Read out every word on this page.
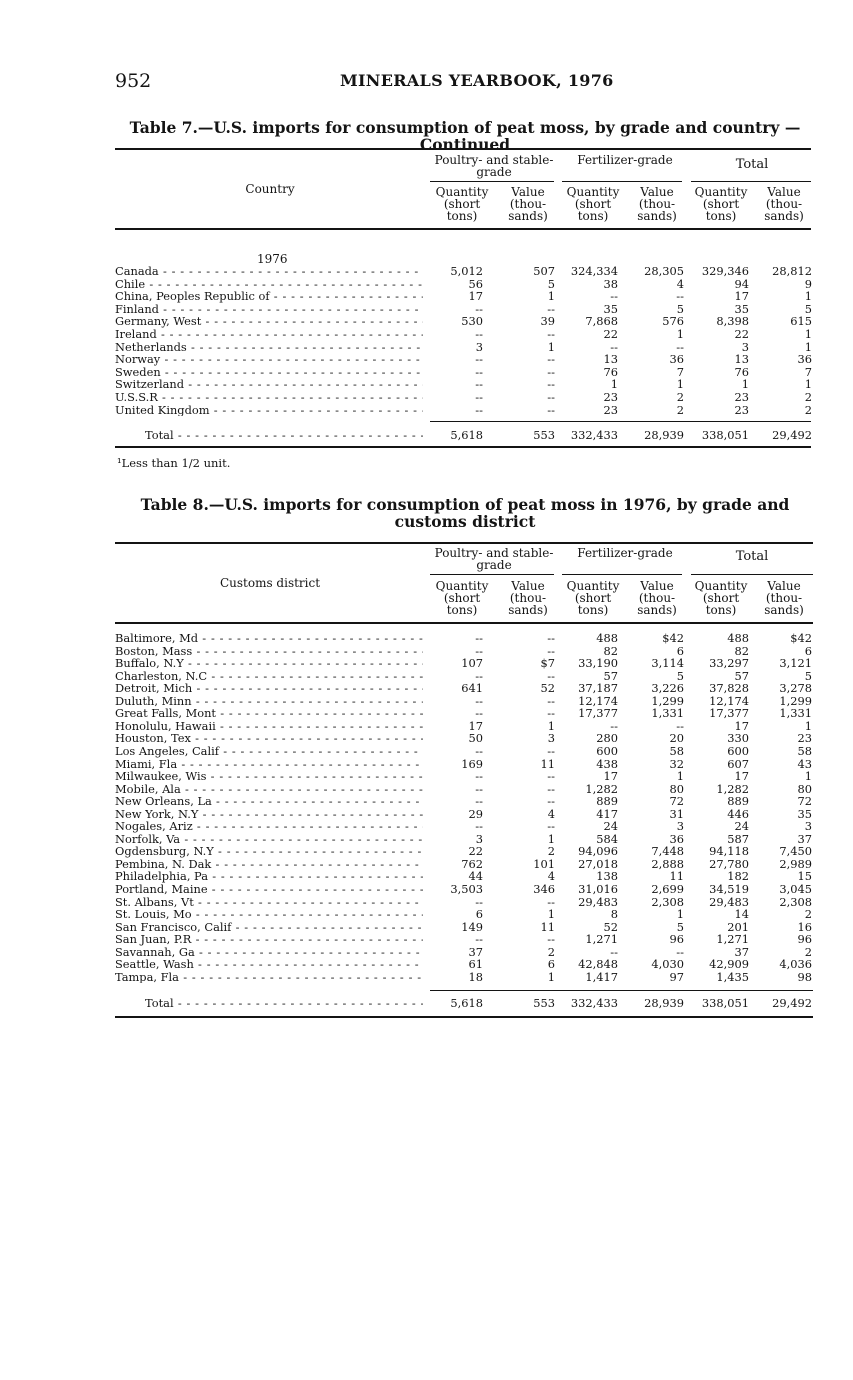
952	MINERALS YEARBOOK, 1976
Table 7.—U.S. imports for consumption of peat moss, by grade and country —Continued
Poultry- and stable-grade
Fertilizer-grade	Total
Country	Quantity (short tons)
Value (thou-sands)
Quantity (short tons)
Value (thou-sands)
Quantity (short tons)
Value (thou-sands)
1976
Canada - - -	5,012	507 324,334 28,305 329,346 28,812
Chile - - -	56	5	38	4	94	9
China, Peoples Republic of - - -	17	1	--	--	17	1
Finland - - -	--	--	35	5	35	5
Germany, West - - -	530	39	7,868	576	8,398	615
Ireland - - -	--	--	22	1	22	1
Netherlands - - -	3	1	--	--	3	1
Norway - - -	--	--	13	36	13	36
Sweden - - -	--	--	76	7	76	7
Switzerland - - -	--	--	1	1	1	1
U.S.S.R - - -	--	--	23	2	23	2
United Kingdom - - -	--	--	23	2	23	2
Total - - -	5,618	553 332,433 28,939 338,051 29,492
¹Less than 1/2 unit.
Table 8.—U.S. imports for consumption of peat moss in 1976, by grade and
customs district
Poultry- and stable-grade
Fertilizer-grade	Total
Customs district	Quantity (short tons)
Value (thou-sands)
Quantity (short tons)
Value (thou-sands)
Quantity (short tons)
Value (thou-sands)
Baltimore, Md - - -	--	--	488	$42	488	$42
Boston, Mass - - -	--	--	82	6	82	6
Buffalo, N.Y - - -	107	$7 33,190	3,114 33,297	3,121
Charleston, N.C - - -	--	--	57	5	57	5
Detroit, Mich - - -	641	52 37,187	3,226 37,828	3,278
Duluth, Minn - - -	--	-- 12,174	1,299 12,174	1,299
Great Falls, Mont - - -	--	-- 17,377	1,331 17,377	1,331
Honolulu, Hawaii - - -	17	1	--	--	17	1
Houston, Tex - - -	50	3	280	20	330	23
Los Angeles, Calif - - -	--	--	600	58	600	58
Miami, Fla - - -	169	11	438	32	607	43
Milwaukee, Wis - - -	--	--	17	1	17	1
Mobile, Ala - - -	--	--	1,282	80	1,282	80
New Orleans, La - - -	--	--	889	72	889	72
New York, N.Y - - -	29	4	417	31	446	35
Nogales, Ariz - - -	--	--	24	3	24	3
Norfolk, Va - - -	3	1	584	36	587	37
Ogdensburg, N.Y - - -	22	2 94,096	7,448 94,118	7,450
Pembina, N. Dak - - -	762	101 27,018	2,888 27,780	2,989
Philadelphia, Pa - - -	44	4	138	11	182	15
Portland, Maine - - -	3,503	346 31,016	2,699 34,519	3,045
St. Albans, Vt - - -	--	-- 29,483	2,308 29,483	2,308
St. Louis, Mo - - -	6	1	8	1	14	2
San Francisco, Calif - - -	149	11	52	5	201	16
San Juan, P.R - - -	--	--	1,271	96	1,271	96
Savannah, Ga - - -	37	2	--	--	37	2
Seattle, Wash - - -	61	6 42,848	4,030 42,909	4,036
Tampa, Fla - - -	18	1	1,417	97	1,435	98
Total - - -	5,618	553 332,433 28,939 338,051 29,492
